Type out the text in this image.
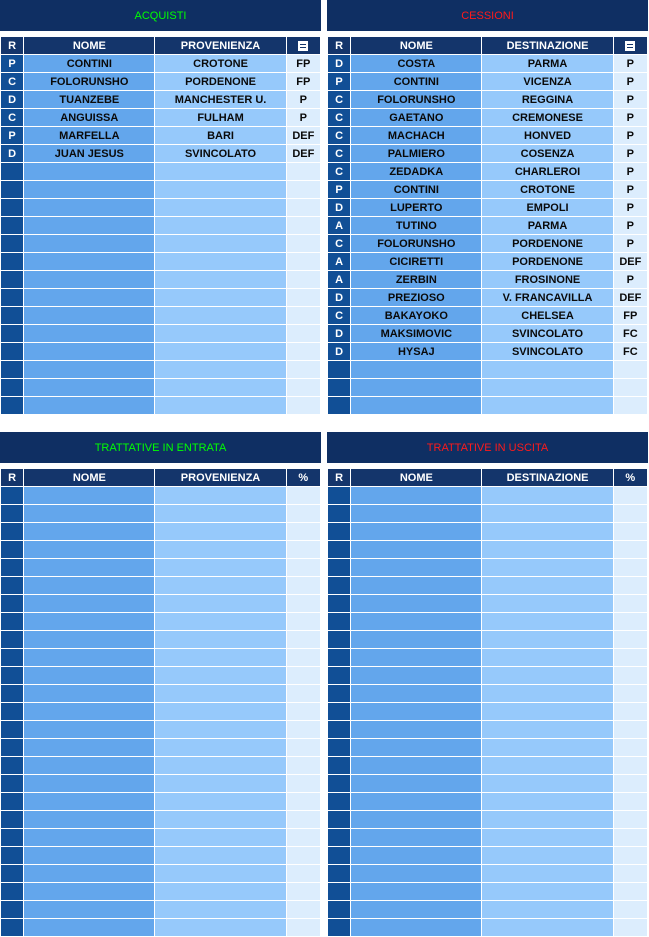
ACQUISTI
R	NOME	PROVENIENZA	
P	CONTINI	CROTONE	FP
C	FOLORUNSHO	PORDENONE	FP
D	TUANZEBE	MANCHESTER U.	P
C	ANGUISSA	FULHAM	P
P	MARFELLA	BARI	DEF
D	JUAN JESUS	SVINCOLATO	DEF

CESSIONI
R	NOME	DESTINAZIONE	
D	COSTA	PARMA	P
P	CONTINI	VICENZA	P
C	FOLORUNSHO	REGGINA	P
C	GAETANO	CREMONESE	P
C	MACHACH	HONVED	P
C	PALMIERO	COSENZA	P
C	ZEDADKA	CHARLEROI	P
P	CONTINI	CROTONE	P
D	LUPERTO	EMPOLI	P
A	TUTINO	PARMA	P
C	FOLORUNSHO	PORDENONE	P
A	CICIRETTI	PORDENONE	DEF
A	ZERBIN	FROSINONE	P
D	PREZIOSO	V. FRANCAVILLA	DEF
C	BAKAYOKO	CHELSEA	FP
D	MAKSIMOVIC	SVINCOLATO	FC
D	HYSAJ	SVINCOLATO	FC

TRATTATIVE IN ENTRATA
R	NOME	PROVENIENZA	%

TRATTATIVE IN USCITA
R	NOME	DESTINAZIONE	%
